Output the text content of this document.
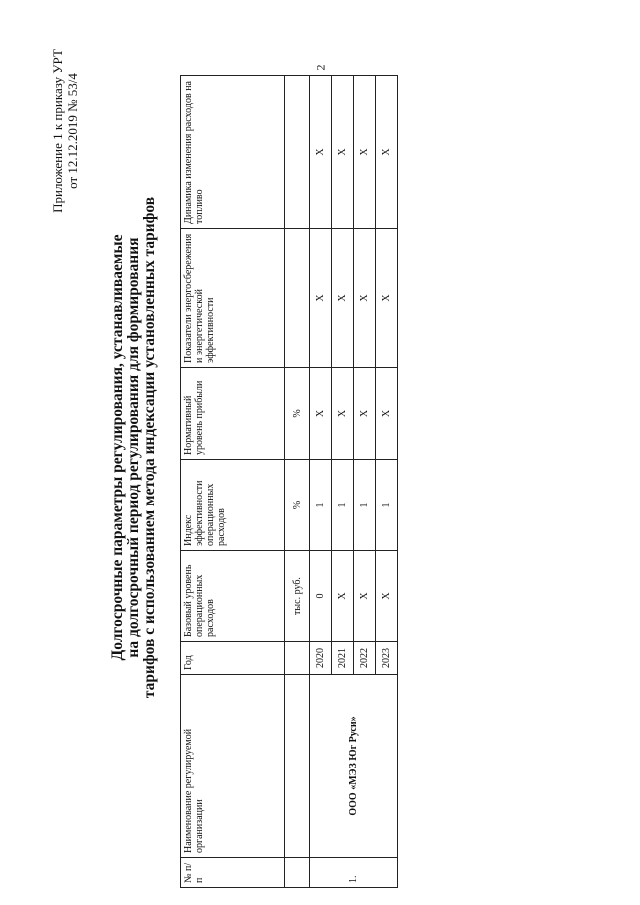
2
Приложение 1 к приказу УРТ от 12.12.2019 № 53/4
Долгосрочные параметры регулирования, устанавливаемые на долгосрочный период регулирования для формирования тарифов с использованием метода индексации установленных тарифов
№ п/п	Наименование регулируемой организации	Год	Базовый уровень операционных расходов	Индекс эффективности операционных расходов	Нормативный уровень прибыли	Показатели энергосбережения и энергетической эффективности	Динамика изменения расходов на топливо
			тыс. руб.	%	%		
1.	ООО «МЭЗ Юг Руси»	2020	0	1	X	X	X
		2021	X	1	X	X	X
		2022	X	1	X	X	X
		2023	X	1	X	X	X
